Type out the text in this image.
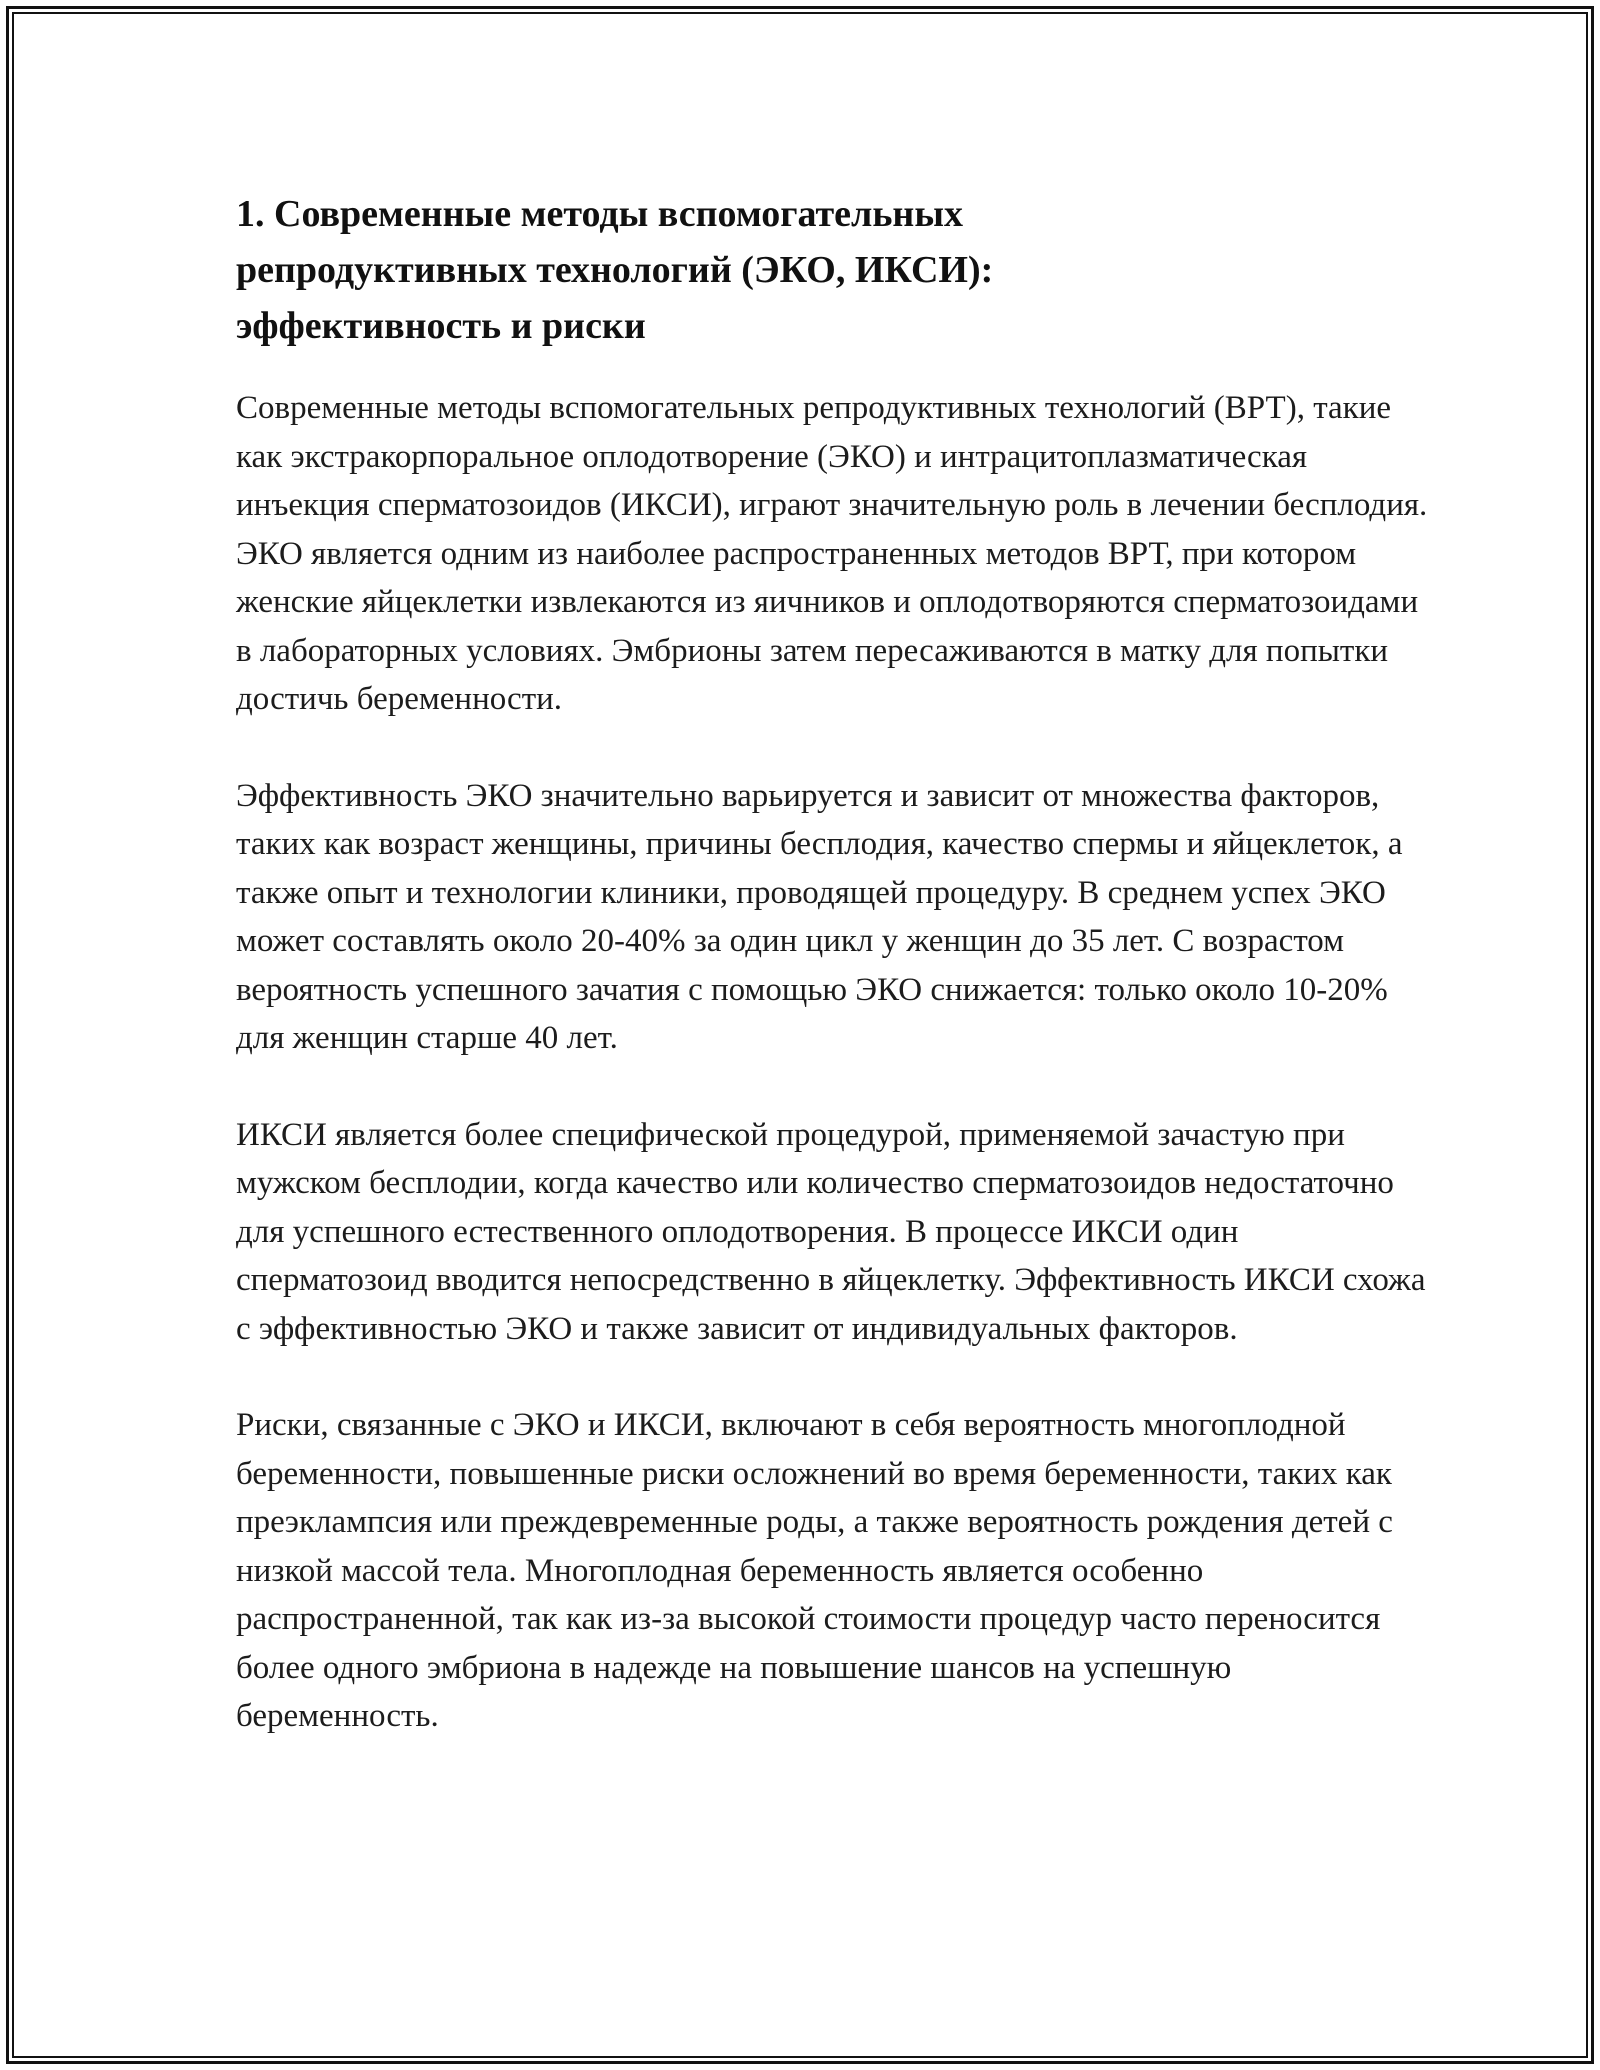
1. Современные методы вспомогательных репродуктивных технологий (ЭКО, ИКСИ): эффективность и риски

Современные методы вспомогательных репродуктивных технологий (ВРТ), такие как экстракорпоральное оплодотворение (ЭКО) и интрацитоплазматическая инъекция сперматозоидов (ИКСИ), играют значительную роль в лечении бесплодия. ЭКО является одним из наиболее распространенных методов ВРТ, при котором женские яйцеклетки извлекаются из яичников и оплодотворяются сперматозоидами в лабораторных условиях. Эмбрионы затем пересаживаются в матку для попытки достичь беременности.

Эффективность ЭКО значительно варьируется и зависит от множества факторов, таких как возраст женщины, причины бесплодия, качество спермы и яйцеклеток, а также опыт и технологии клиники, проводящей процедуру. В среднем успех ЭКО может составлять около 20-40% за один цикл у женщин до 35 лет. С возрастом вероятность успешного зачатия с помощью ЭКО снижается: только около 10-20% для женщин старше 40 лет.

ИКСИ является более специфической процедурой, применяемой зачастую при мужском бесплодии, когда качество или количество сперматозоидов недостаточно для успешного естественного оплодотворения. В процессе ИКСИ один сперматозоид вводится непосредственно в яйцеклетку. Эффективность ИКСИ схожа с эффективностью ЭКО и также зависит от индивидуальных факторов.

Риски, связанные с ЭКО и ИКСИ, включают в себя вероятность многоплодной беременности, повышенные риски осложнений во время беременности, таких как преэклампсия или преждевременные роды, а также вероятность рождения детей с низкой массой тела. Многоплодная беременность является особенно распространенной, так как из-за высокой стоимости процедур часто переносится более одного эмбриона в надежде на повышение шансов на успешную беременность.
